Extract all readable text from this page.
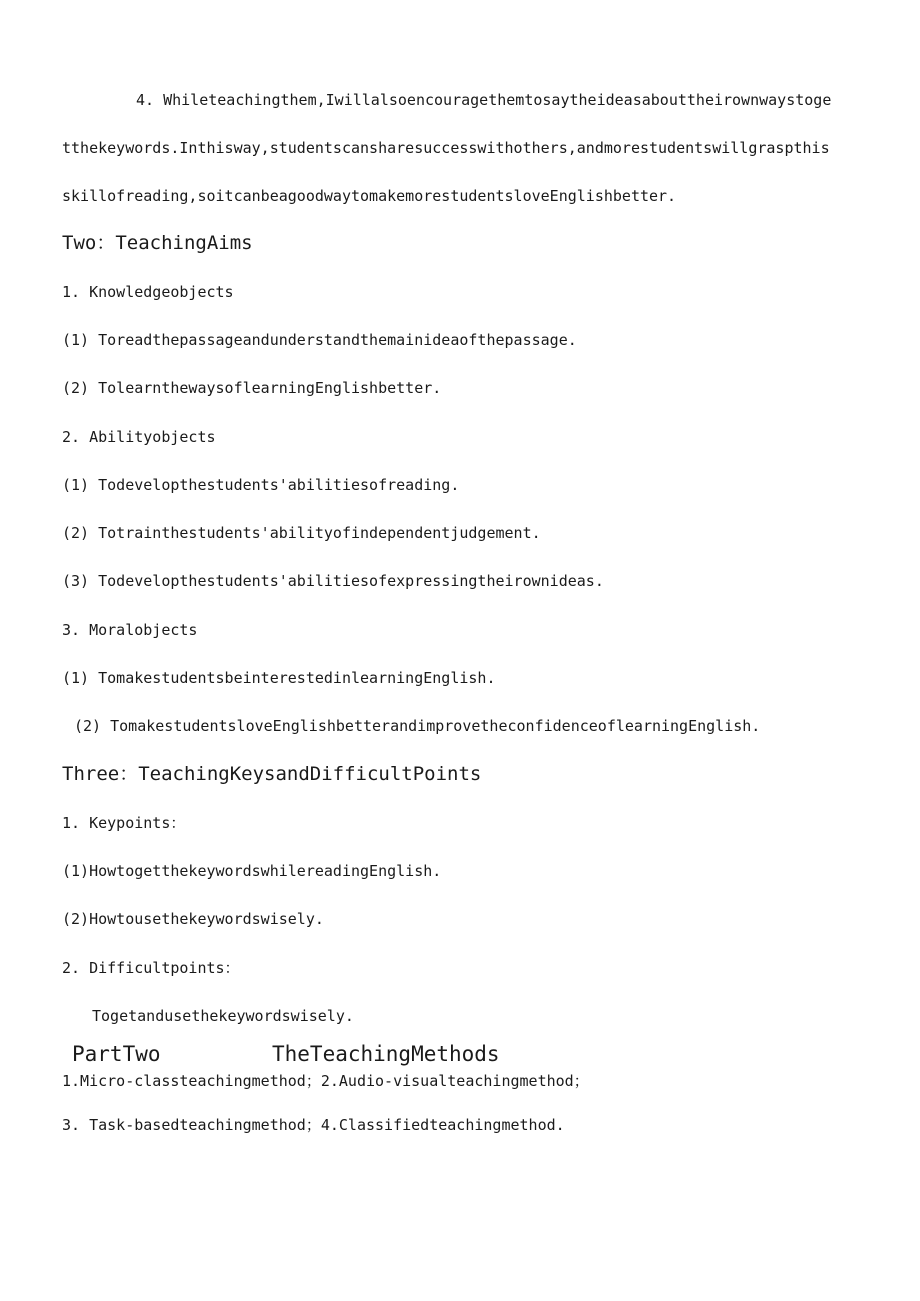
4. Whileteachingthem,Iwillalsoencouragethemtosaytheideasabouttheirownwaystoge
tthekeywords.Inthisway,studentscansharesuccesswithothers,andmorestudentswillgraspthis
skillofreading,soitcanbeagoodwaytomakemorestudentsloveEnglishbetter.
Two：TeachingAims
1. Knowledgeobjects
(1) Toreadthepassageandunderstandthemainideaofthepassage.
(2) TolearnthewaysoflearningEnglishbetter.
2. Abilityobjects
(1) Todevelopthestudents'abilitiesofreading.
(2) Totrainthestudents'abilityofindependentjudgement.
(3) Todevelopthestudents'abilitiesofexpressingtheirownideas.
3. Moralobjects
(1) TomakestudentsbeinterestedinlearningEnglish.
(2) TomakestudentsloveEnglishbetterandimprovetheconfidenceoflearningEnglish.
Three：TeachingKeysandDifficultPoints
1. Keypoints：
(1)HowtogetthekeywordswhilereadingEnglish.
(2)Howtousethekeywordswisely.
2. Difficultpoints：
Togetandusethekeywordswisely.
PartTwo	TheTeachingMethods
1.Micro-classteachingmethod；2.Audio-visualteachingmethod；
3. Task-basedteachingmethod；4.Classifiedteachingmethod.
